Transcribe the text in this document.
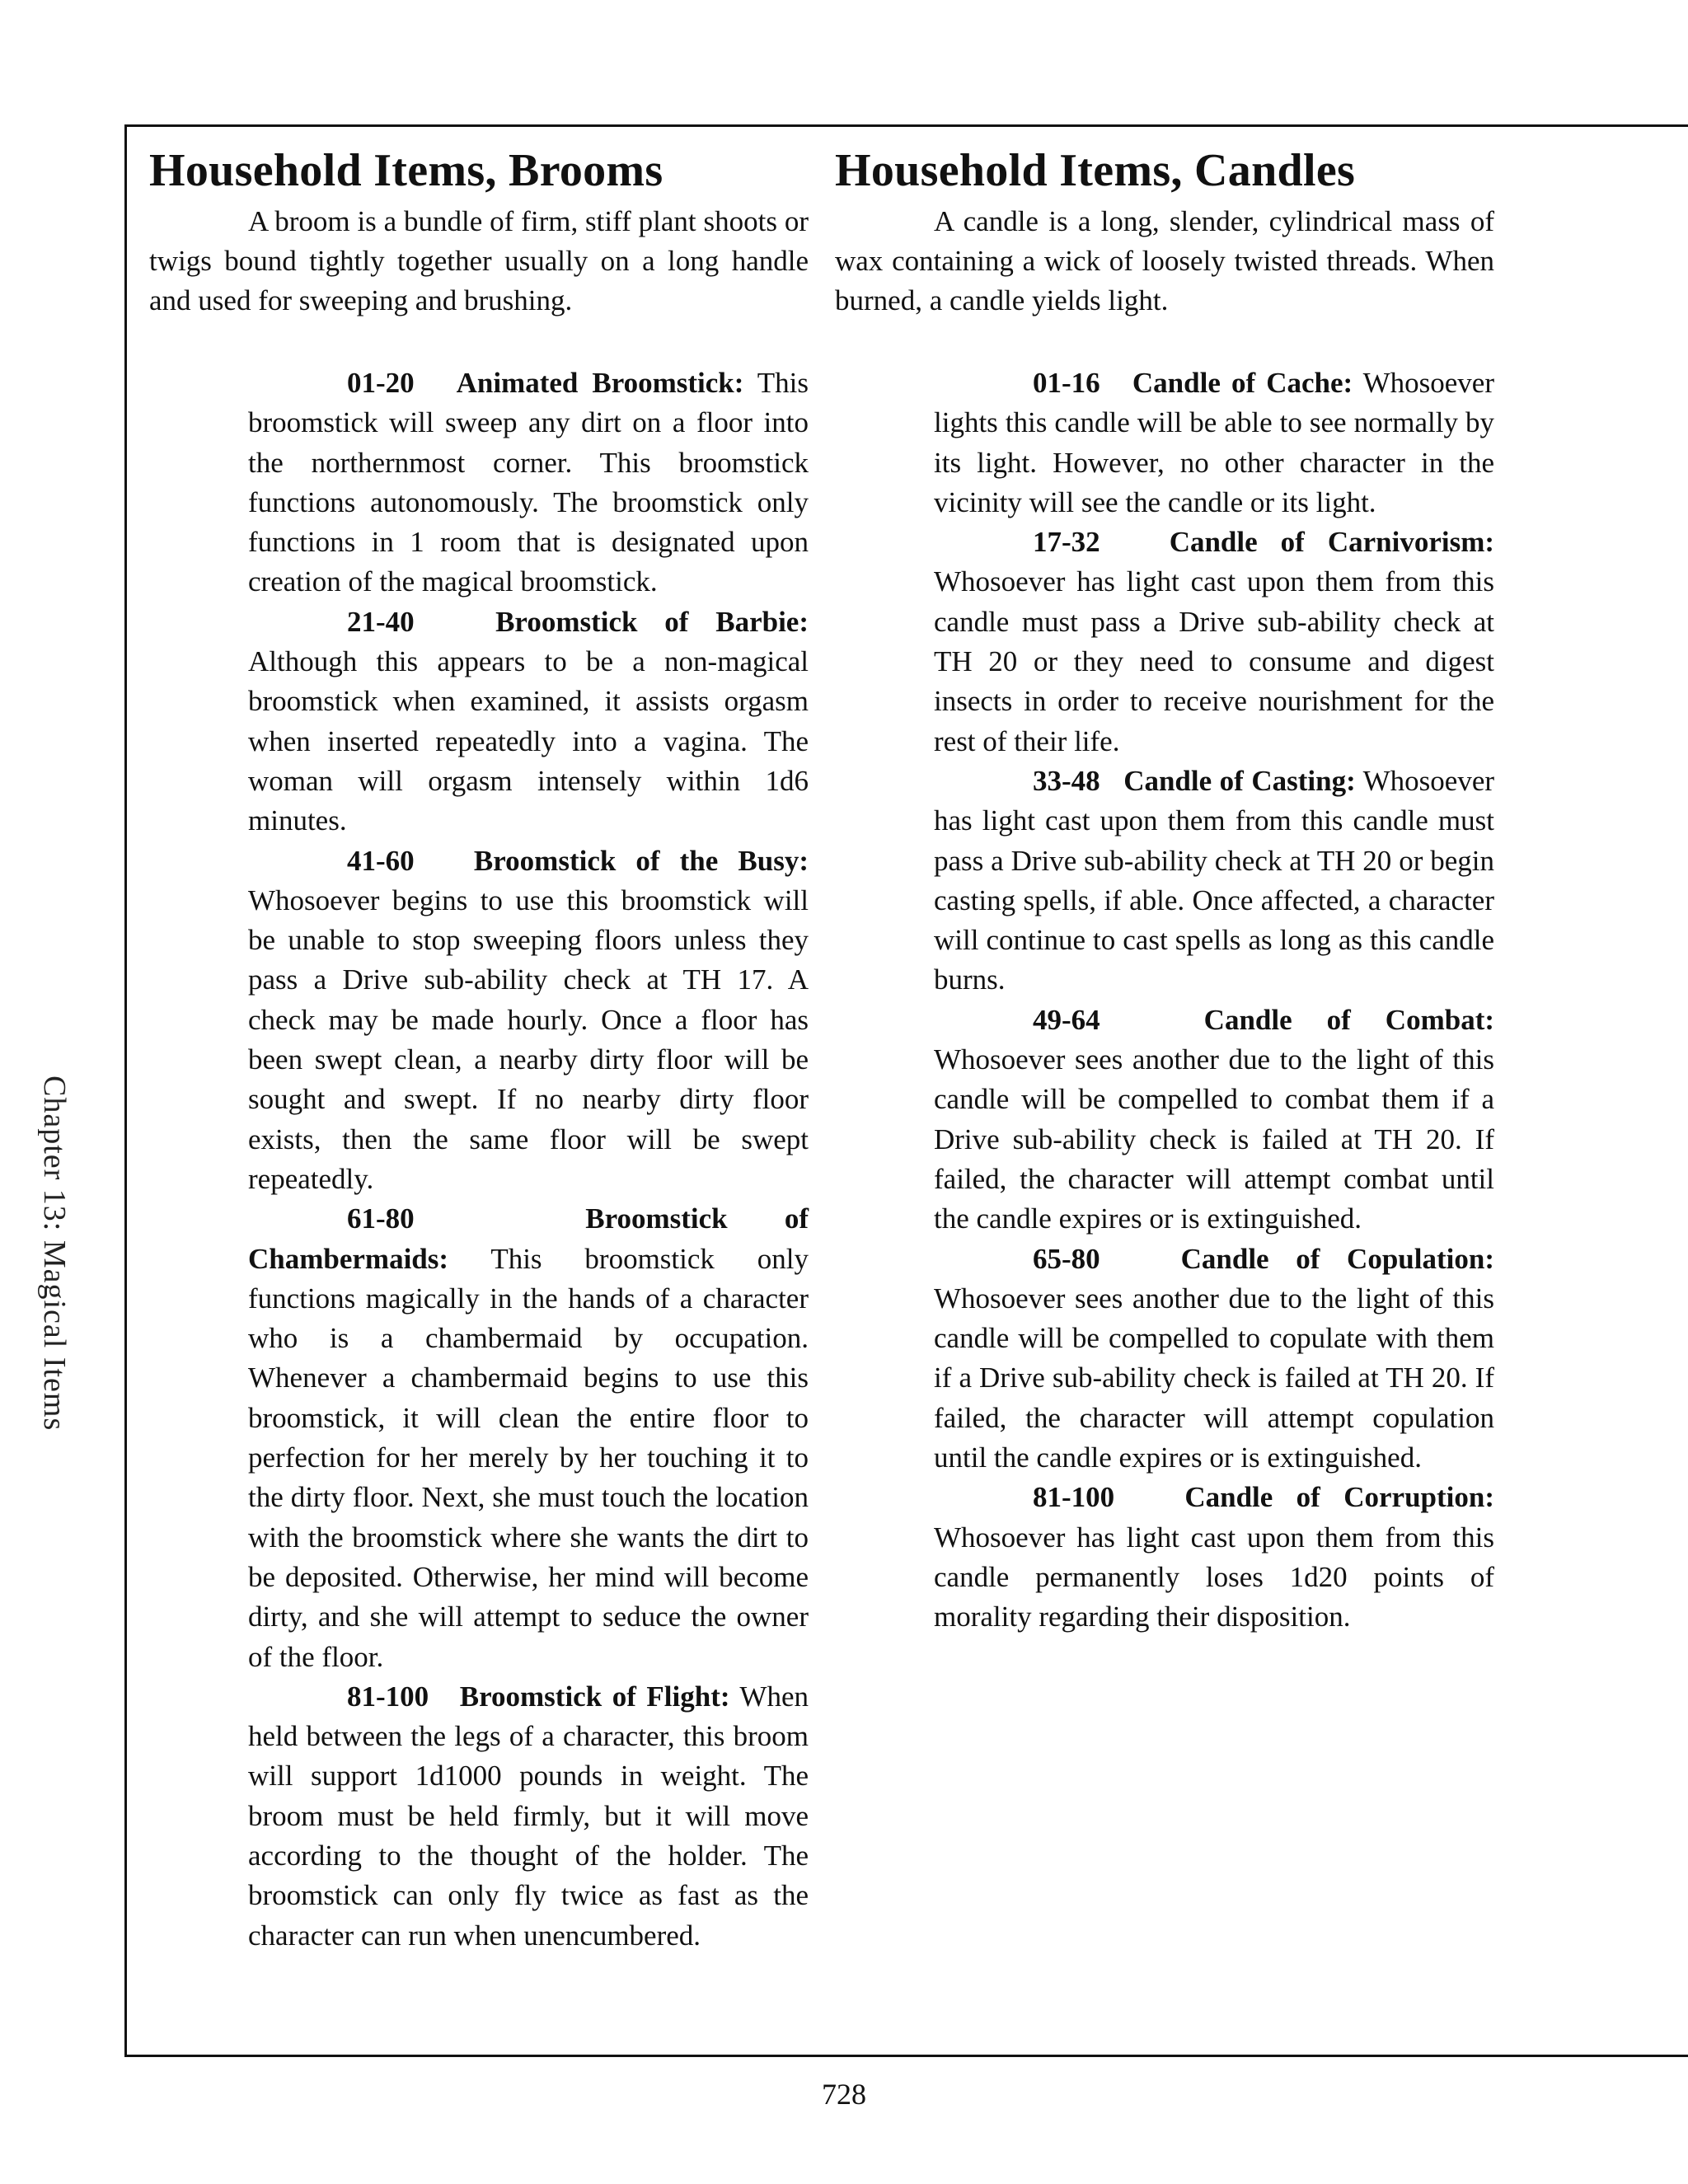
Chapter 13: Magical Items
Household Items, Brooms

A broom is a bundle of firm, stiff plant shoots or twigs bound tightly together usually on a long handle and used for sweeping and brushing.

01-20 Animated Broomstick: This broomstick will sweep any dirt on a floor into the northernmost corner. This broomstick functions autonomously. The broomstick only functions in 1 room that is designated upon creation of the magical broomstick.

21-40	Broomstick of Barbie: Although this appears to be a non-magical broomstick when examined, it assists orgasm when inserted repeatedly into a vagina. The woman will orgasm intensely within 1d6 minutes.

41-60 Broomstick of the Busy: Whosoever begins to use this broomstick will be unable to stop sweeping floors unless they pass a Drive sub-ability check at TH 17. A check may be made hourly. Once a floor has been swept clean, a nearby dirty floor will be sought and swept. If no nearby dirty floor exists, then the same floor will be swept repeatedly.

61-80	Broomstick of Chambermaids: This broomstick only functions magically in the hands of a character who is a chambermaid by occupation. Whenever a chambermaid begins to use this broomstick, it will clean the entire floor to perfection for her merely by her touching it to the dirty floor. Next, she must touch the location with the broomstick where she wants the dirt to be deposited. Otherwise, her mind will become dirty, and she will attempt to seduce the owner of the floor.

81-100 Broomstick of Flight: When held between the legs of a character, this broom will support 1d1000 pounds in weight. The broom must be held firmly, but it will move according to the thought of the holder. The broomstick can only fly twice as fast as the character can run when unencumbered.

Household Items, Candles

A candle is a long, slender, cylindrical mass of wax containing a wick of loosely twisted threads. When burned, a candle yields light.

01-16 Candle of Cache: Whosoever lights this candle will be able to see normally by its light. However, no other character in the vicinity will see the candle or its light.

17-32 Candle of Carnivorism: Whosoever has light cast upon them from this candle must pass a Drive sub-ability check at TH 20 or they need to consume and digest insects in order to receive nourishment for the rest of their life.

33-48 Candle of Casting: Whosoever has light cast upon them from this candle must pass a Drive sub-ability check at TH 20 or begin casting spells, if able. Once affected, a character will continue to cast spells as long as this candle burns.

49-64	Candle of Combat: Whosoever sees another due to the light of this candle will be compelled to combat them if a Drive sub-ability check is failed at TH 20. If failed, the character will attempt combat until the candle expires or is extinguished.

65-80	Candle of Copulation: Whosoever sees another due to the light of this candle will be compelled to copulate with them if a Drive sub-ability check is failed at TH 20. If failed, the character will attempt copulation until the candle expires or is extinguished.

81-100 Candle of Corruption: Whosoever has light cast upon them from this candle permanently loses 1d20 points of morality regarding their disposition.

728
